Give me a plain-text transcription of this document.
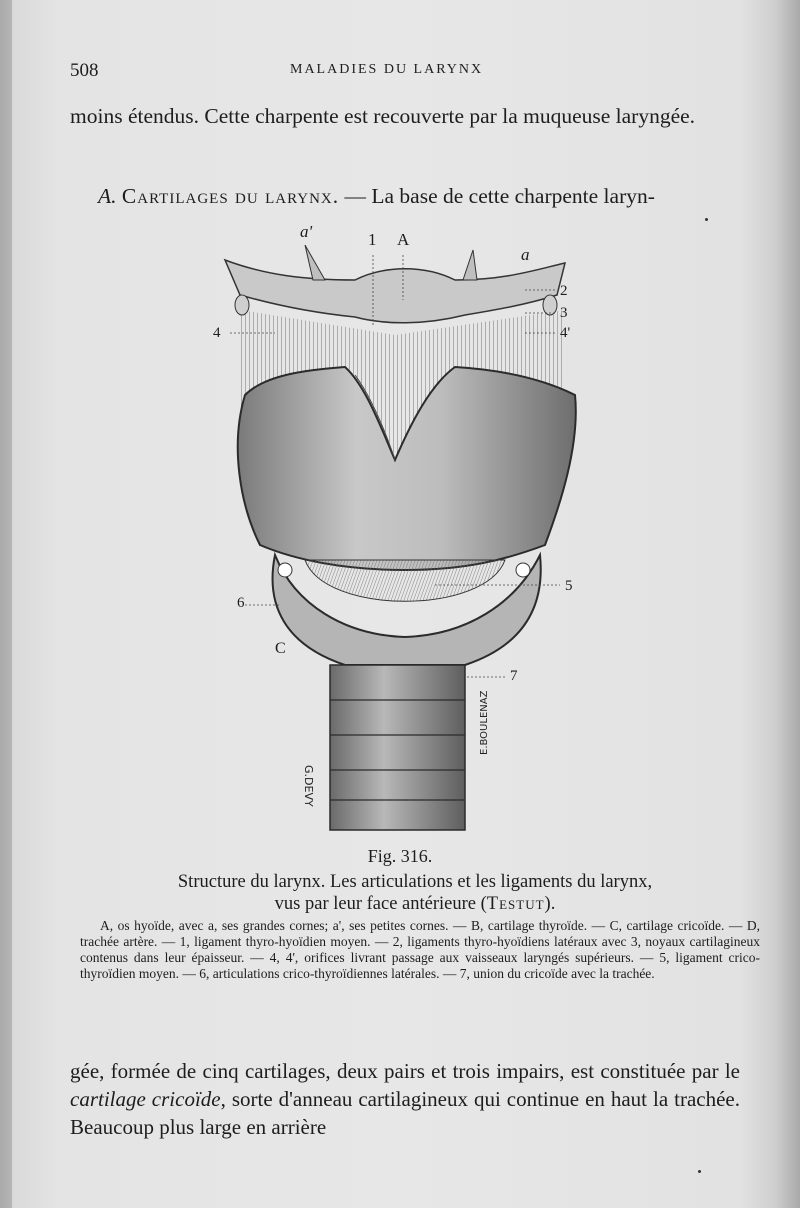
508	MALADIES DU LARYNX

moins étendus. Cette charpente est recouverte par la muqueuse laryngée.

A. Cartilages du larynx. — La base de cette charpente laryn-

a'	1 A
a
2
3
4'
4
5
6
C
7
G.DEVY
E.BOULENAZ
Fig. 316.
Structure du larynx. Les articulations et les ligaments du larynx,
vus par leur face antérieure (Testut).

A, os hyoïde, avec a, ses grandes cornes; a', ses petites cornes. — B, cartilage thyroïde. — C, cartilage cricoïde. — D, trachée artère. — 1, ligament thyro-hyoïdien moyen. — 2, ligaments thyro-hyoïdiens latéraux avec 3, noyaux cartilagineux contenus dans leur épaisseur. — 4, 4', orifices livrant passage aux vaisseaux laryngés supérieurs. — 5, ligament crico-thyroïdien moyen. — 6, articulations crico-thyroïdiennes latérales. — 7, union du cricoïde avec la trachée.

gée, formée de cinq cartilages, deux pairs et trois impairs, est constituée par le cartilage cricoïde, sorte d'anneau cartilagineux qui continue en haut la trachée. Beaucoup plus large en arrière
